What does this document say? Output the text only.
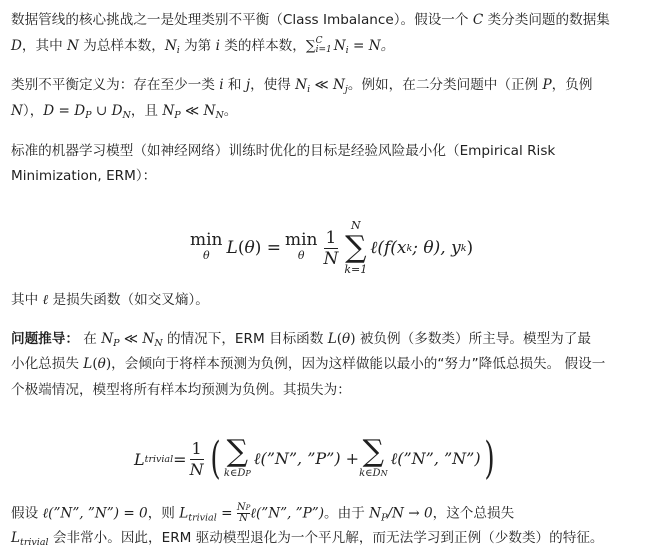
数据管线的核心挑战之一是处理类别不平衡（Class Imbalance）。假设一个 C 类分类问题的数据集
D，其中 N 为总样本数，$N_i$ 为第 i 类的样本数，∑ C
i=1 $N_i = N$。
类别不平衡定义为：存在至少一类 i 和 j，使得 $N_i$ ≪ $N_j$。例如，在二分类问题中（正例 P，负例
N），$D = D_P$ ∪ $D_N$，且 $N_P$ ≪ $N_N$。
标准的机器学习模型（如神经网络）训练时优化的目标是经验风险最小化（Empirical Risk
Minimization, ERM）：
min
θ L ( θ ) = min
θ $\frac{1}{N}$
N
∑
k=1
ℓ(f(x k ; θ), y k )
其中 ℓ 是损失函数（如交叉熵）。
问题推导： 在 $N_P$ ≪ $N_N$ 的情况下，ERM 目标函数 L(θ) 被负例（多数类）所主导。模型为了最
小化总损失 L(θ)，会倾向于将样本预测为负例，因为这样做能以最小的“努力”降低总损失。 假设一
个极端情况，模型将所有样本均预测为负例。其损失为：
L trivial = $\frac{1}{N}$ ( ∑
k∈DP
ℓ(”N”, ”P”) + ∑
k∈DN
ℓ(”N”, ”N”) )
假设 ℓ(”N”, ”N”) = 0，则 $L_{trivial} = \frac{NP}{N}$ ℓ(”N”, ”P”)。由于 $N_P/N \to 0$，这个总损失
$L_{trivial}$ 会非常小。因此，ERM 驱动模型退化为一个平凡解，而无法学习到正例（少数类）的特征。
